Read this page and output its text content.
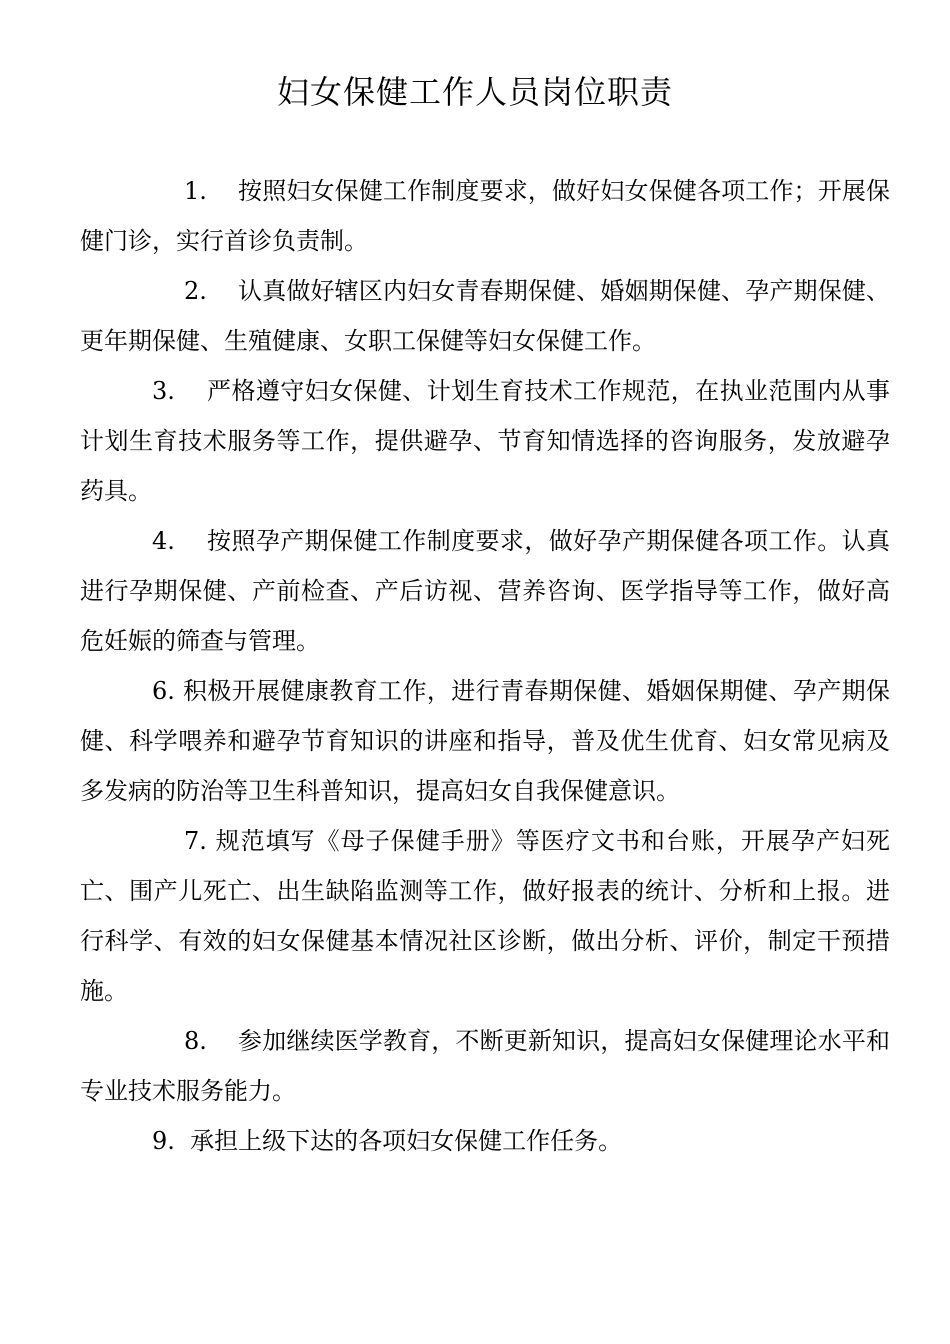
妇女保健工作人员岗位职责

1. 按照妇女保健工作制度要求，做好妇女保健各项工作；开展保健门诊，实行首诊负责制。

2. 认真做好辖区内妇女青春期保健、婚姻期保健、孕产期保健、更年期保健、生殖健康、女职工保健等妇女保健工作。

3. 严格遵守妇女保健、计划生育技术工作规范，在执业范围内从事计划生育技术服务等工作，提供避孕、节育知情选择的咨询服务，发放避孕药具。

4. 按照孕产期保健工作制度要求，做好孕产期保健各项工作。认真进行孕期保健、产前检查、产后访视、营养咨询、医学指导等工作，做好高危妊娠的筛查与管理。

6. 积极开展健康教育工作，进行青春期保健、婚姻保期健、孕产期保健、科学喂养和避孕节育知识的讲座和指导，普及优生优育、妇女常见病及多发病的防治等卫生科普知识，提高妇女自我保健意识。

7. 规范填写《母子保健手册》等医疗文书和台账，开展孕产妇死亡、围产儿死亡、出生缺陷监测等工作，做好报表的统计、分析和上报。进行科学、有效的妇女保健基本情况社区诊断，做出分析、评价，制定干预措施。

8. 参加继续医学教育，不断更新知识，提高妇女保健理论水平和专业技术服务能力。

9. 承担上级下达的各项妇女保健工作任务。
